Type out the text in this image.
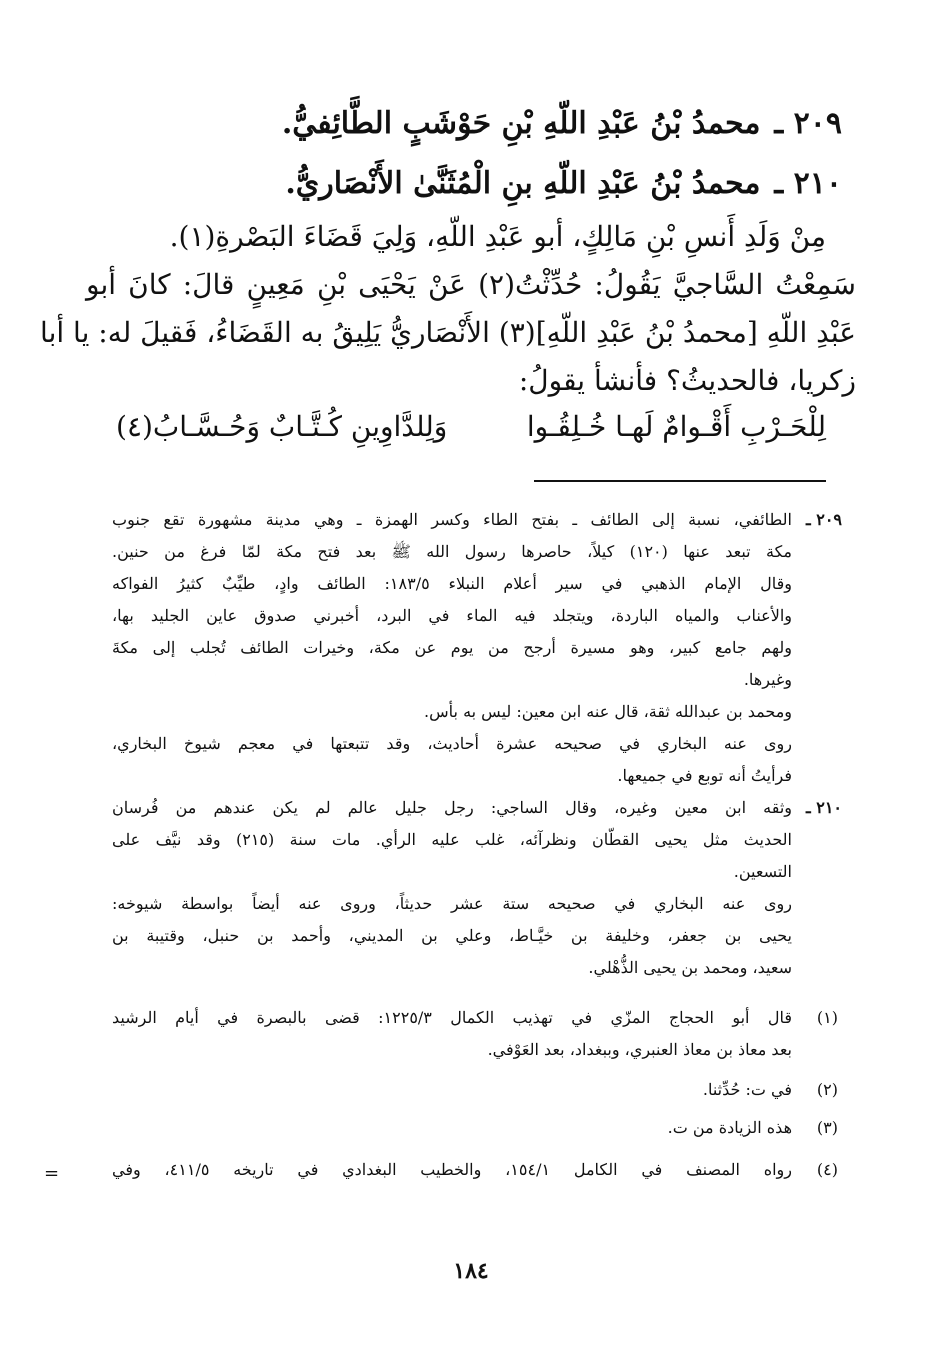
٢٠٩ ـمحمدُ بْنُ عَبْدِ اللّهِ بْنِ حَوْشَبٍ الطَّائِفيُّ.
٢١٠ ـمحمدُ بْنُ عَبْدِ اللّهِ بنِ الْمُثَنَّىٰ الأَنْصَاريُّ.
مِنْ وَلَدِ أَنسِ بْنِ مَالِكٍ، أبو عَبْدِ اللّهِ، وَلِيَ قَضَاءَ البَصْرةِ(١).
سَمِعْتُ السَّاجيَّ يَقُولُ: حُدِّثْتُ(٢) عَنْ يَحْيَى بْنِ مَعِينٍ قالَ: كانَ أبو
عَبْدِ اللّهِ [محمدُ بْنُ عَبْدِ اللّهِ](٣) الأَنْصَاريُّ يَلِيقُ به القَضَاءُ، فَقيلَ له: يا أبا
زكريا، فالحديثُ؟ فأنشأ يقولُ:
لِلْحَـرْبِ أَقْـوامٌ لَهـا خُـلِقُـوا
وَلِلدَّاوِينِ كُـتَّـابٌ وَحُـسَّـابُ(٤)
٢٠٩ ـ
الطائفي، نسبة إلى الطائف ـ بفتح الطاء وكسر الهمزة ـ وهي مدينة مشهورة تقع جنوب
مكة تبعد عنها (١٢٠) كيلاً، حاصرها رسول الله ﷺ بعد فتح مكة لمّا فرغ من حنين.
وقال الإمام الذهبي في سير أعلام النبلاء ١٨٣/٥: الطائف وادٍ، طيِّبٌ كثيرُ الفواكه
والأعناب والمياه الباردة، ويتجلد فيه الماء في البرد، أخبرني صدوق عاين الجليد بها،
ولهم جامع كبير، وهو مسيرة أرجح من يوم عن مكة، وخيرات الطائف تُجلب إلى مكةَ
وغيرها.
ومحمد بن عبدالله ثقة، قال عنه ابن معين: ليس به بأس.
روى عنه البخاري في صحيحه عشرة أحاديث، وقد تتبعتها في معجم شيوخ البخاري،
فرأيتُ أنه توبع في جميعها.
٢١٠ ـ
وثقه ابن معين وغيره، وقال الساجي: رجل جليل عالم لم يكن عندهم من فُرسان
الحديث مثل يحيى القطّان ونظرآئه، غلب عليه الرأي. مات سنة (٢١٥) وقد نيَّف على
التسعين.
روى عنه البخاري في صحيحه ستة عشر حديثاً، وروى عنه أيضاً بواسطة شيوخه:
يحيى بن جعفر، وخليفة بن خيَّـاط، وعلي بن المديني، وأحمد بن حنبل، وقتيبة بن
سعيد، ومحمد بن يحيى الذُّهْلي.
(١)
قال أبو الحجاج المزّي في تهذيب الكمال ١٢٢٥/٣: قضى بالبصرة في أيام الرشيد
بعد معاذ بن معاذ العنبري، وببغداد، بعد العَوْفي.
(٢)
في ت: حُدِّثنا.
(٣)
هذه الزيادة من ت.
(٤)
رواه المصنف في الكامل ١٥٤/١، والخطيب البغدادي في تاريخه ٤١١/٥، وفي
=
١٨٤
